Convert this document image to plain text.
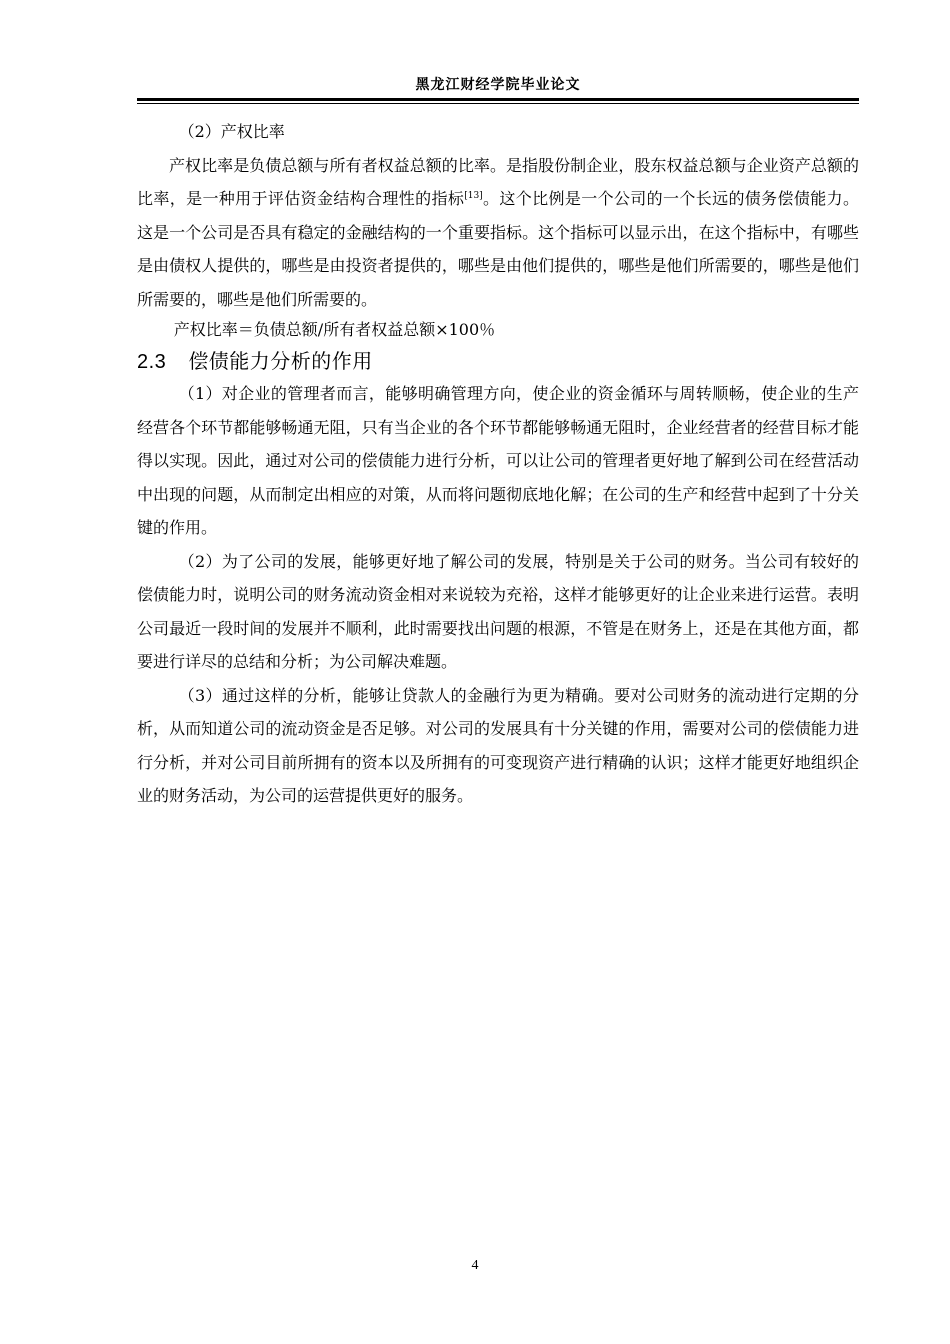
黑龙江财经学院毕业论文

（2）产权比率

产权比率是负债总额与所有者权益总额的比率。是指股份制企业，股东权益总额与企业资产总额的比率，是一种用于评估资金结构合理性的指标[13]。这个比例是一个公司的一个长远的债务偿债能力。这是一个公司是否具有稳定的金融结构的一个重要指标。这个指标可以显示出，在这个指标中，有哪些是由债权人提供的，哪些是由投资者提供的，哪些是由他们提供的，哪些是他们所需要的，哪些是他们所需要的，哪些是他们所需要的。

产权比率＝负债总额/所有者权益总额×100％

2.3 偿债能力分析的作用

（1）对企业的管理者而言，能够明确管理方向，使企业的资金循环与周转顺畅，使企业的生产经营各个环节都能够畅通无阻，只有当企业的各个环节都能够畅通无阻时，企业经营者的经营目标才能得以实现。因此，通过对公司的偿债能力进行分析，可以让公司的管理者更好地了解到公司在经营活动中出现的问题，从而制定出相应的对策，从而将问题彻底地化解；在公司的生产和经营中起到了十分关键的作用。

（2）为了公司的发展，能够更好地了解公司的发展，特别是关于公司的财务。当公司有较好的偿债能力时，说明公司的财务流动资金相对来说较为充裕，这样才能够更好的让企业来进行运营。表明公司最近一段时间的发展并不顺利，此时需要找出问题的根源，不管是在财务上，还是在其他方面，都要进行详尽的总结和分析；为公司解决难题。

（3）通过这样的分析，能够让贷款人的金融行为更为精确。要对公司财务的流动进行定期的分析，从而知道公司的流动资金是否足够。对公司的发展具有十分关键的作用，需要对公司的偿债能力进行分析，并对公司目前所拥有的资本以及所拥有的可变现资产进行精确的认识；这样才能更好地组织企业的财务活动，为公司的运营提供更好的服务。

4
